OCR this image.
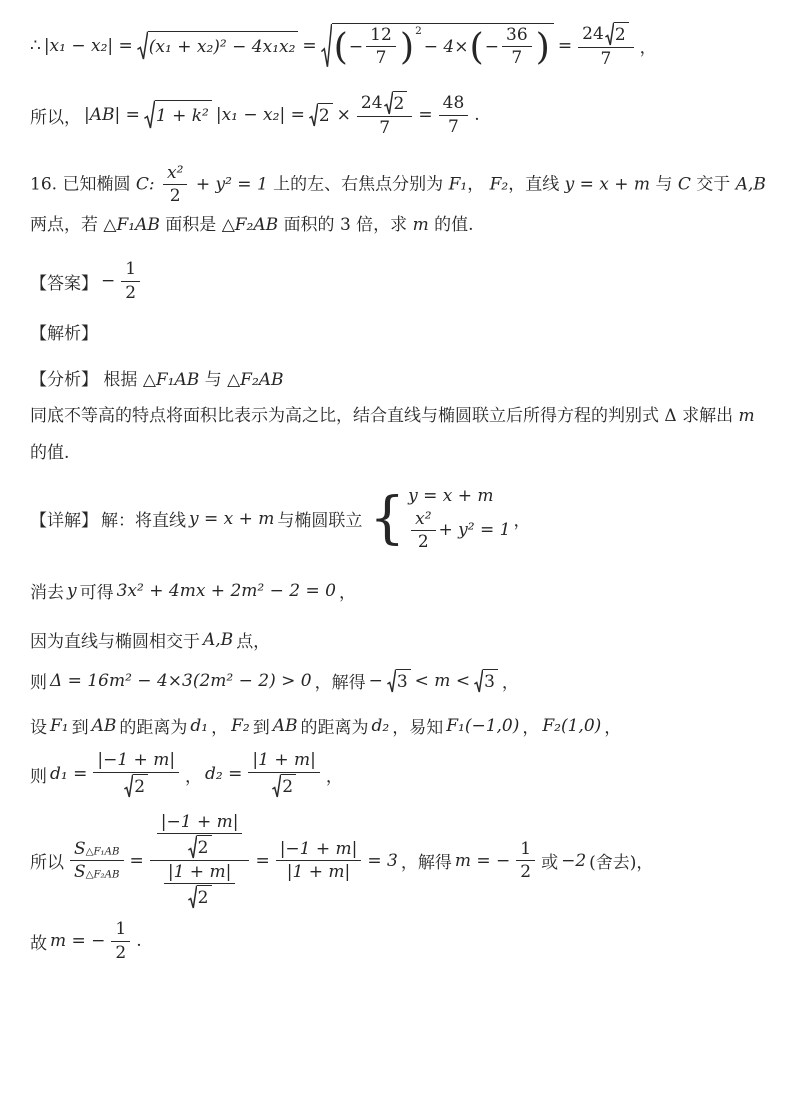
∴ |x₁ − x₂| = (x₁ + x₂)² − 4x₁x₂ = ( − $\frac{12}{7}$ ) 2
− 4× ( − $\frac{36}{7}$ ) = $\frac{24 2}{7}$ ，

所以， |AB| = 1 + k² $|x_1 - x_2| = 2 \times \frac{24 2}{7} = \frac{48}{7}$ .

16. 已知椭圆 C: $\frac{\text{x²}}{2} + y^2 = 1$ 上的左、右焦点分别为 F₁， F₂，直线 y = x + m 与 C 交于 A,B 两点，若 △F₁AB 面积是 △F₂AB 面积的 3 倍，求 m 的值.

【答案】 − $\frac{1}{2}$

【解析】

【分析】 根据 △F₁AB 与 △F₂AB 同底不等高的特点将面积比表示为高之比，结合直线与椭圆联立后所得方程的判别式 Δ 求解出 m 的值.

【详解】 解：将直线 y = x + m 与椭圆联立 { y = x + m
$\frac{\text{x²}}{2} + y^2 = 1$ ，

消去 y 可得 3x² + 4mx + 2m² − 2 = 0 ，

因为直线与椭圆相交于 A,B 点，

则 Δ = 16m² − 4×3(2m² − 2) > 0 ，解得 − 3 < m < 3 ，

设 F₁ 到 AB 的距离为 d₁ ， F₂ 到 AB 的距离为 d₂ ，易知 F₁(−1,0) ， F₂(1,0) ，

则 $d_1 = \frac{|-1 + m|}{2}$ ， $d_2 = \frac{|1 + m|}{2}$ ，

所以 $\frac{\text{S △F₁AB}}{\text{S △F₂AB}}$ =
$\frac{|-1 + m|}{2}$
$\frac{|1 + m|}{2}$
= $\frac{|-1 + m|}{|1 + m|} = 3$ ，解得 m = − $\frac{1}{2}$ 或 −2 (舍去)，

故 m = − $\frac{1}{2}$ .
